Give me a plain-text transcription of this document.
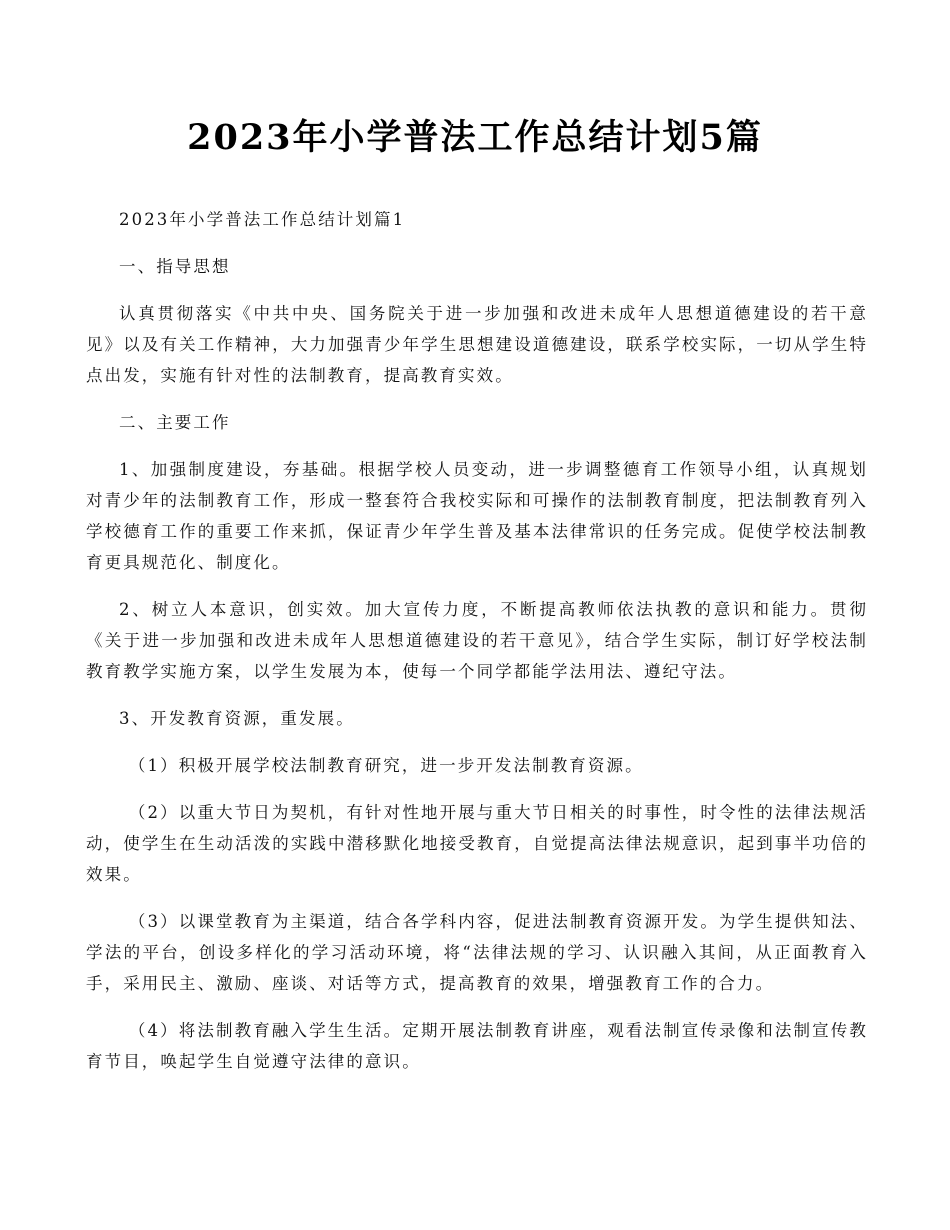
2023年小学普法工作总结计划5篇

2023年小学普法工作总结计划篇1

一、指导思想

认真贯彻落实《中共中央、国务院关于进一步加强和改进未成年人思想道德建设的若干意见》以及有关工作精神，大力加强青少年学生思想建设道德建设，联系学校实际，一切从学生特点出发，实施有针对性的法制教育，提高教育实效。

二、主要工作

1、加强制度建设，夯基础。根据学校人员变动，进一步调整德育工作领导小组，认真规划对青少年的法制教育工作，形成一整套符合我校实际和可操作的法制教育制度，把法制教育列入学校德育工作的重要工作来抓，保证青少年学生普及基本法律常识的任务完成。促使学校法制教育更具规范化、制度化。

2、树立人本意识，创实效。加大宣传力度，不断提高教师依法执教的意识和能力。贯彻《关于进一步加强和改进未成年人思想道德建设的若干意见》，结合学生实际，制订好学校法制教育教学实施方案，以学生发展为本，使每一个同学都能学法用法、遵纪守法。

3、开发教育资源，重发展。

（1）积极开展学校法制教育研究，进一步开发法制教育资源。

（2）以重大节日为契机，有针对性地开展与重大节日相关的时事性，时令性的法律法规活动，使学生在生动活泼的实践中潜移默化地接受教育，自觉提高法律法规意识，起到事半功倍的效果。

（3）以课堂教育为主渠道，结合各学科内容，促进法制教育资源开发。为学生提供知法、学法的平台，创设多样化的学习活动环境，将“法律法规的学习、认识融入其间，从正面教育入手，采用民主、激励、座谈、对话等方式，提高教育的效果，增强教育工作的合力。

（4）将法制教育融入学生生活。定期开展法制教育讲座，观看法制宣传录像和法制宣传教育节目，唤起学生自觉遵守法律的意识。
